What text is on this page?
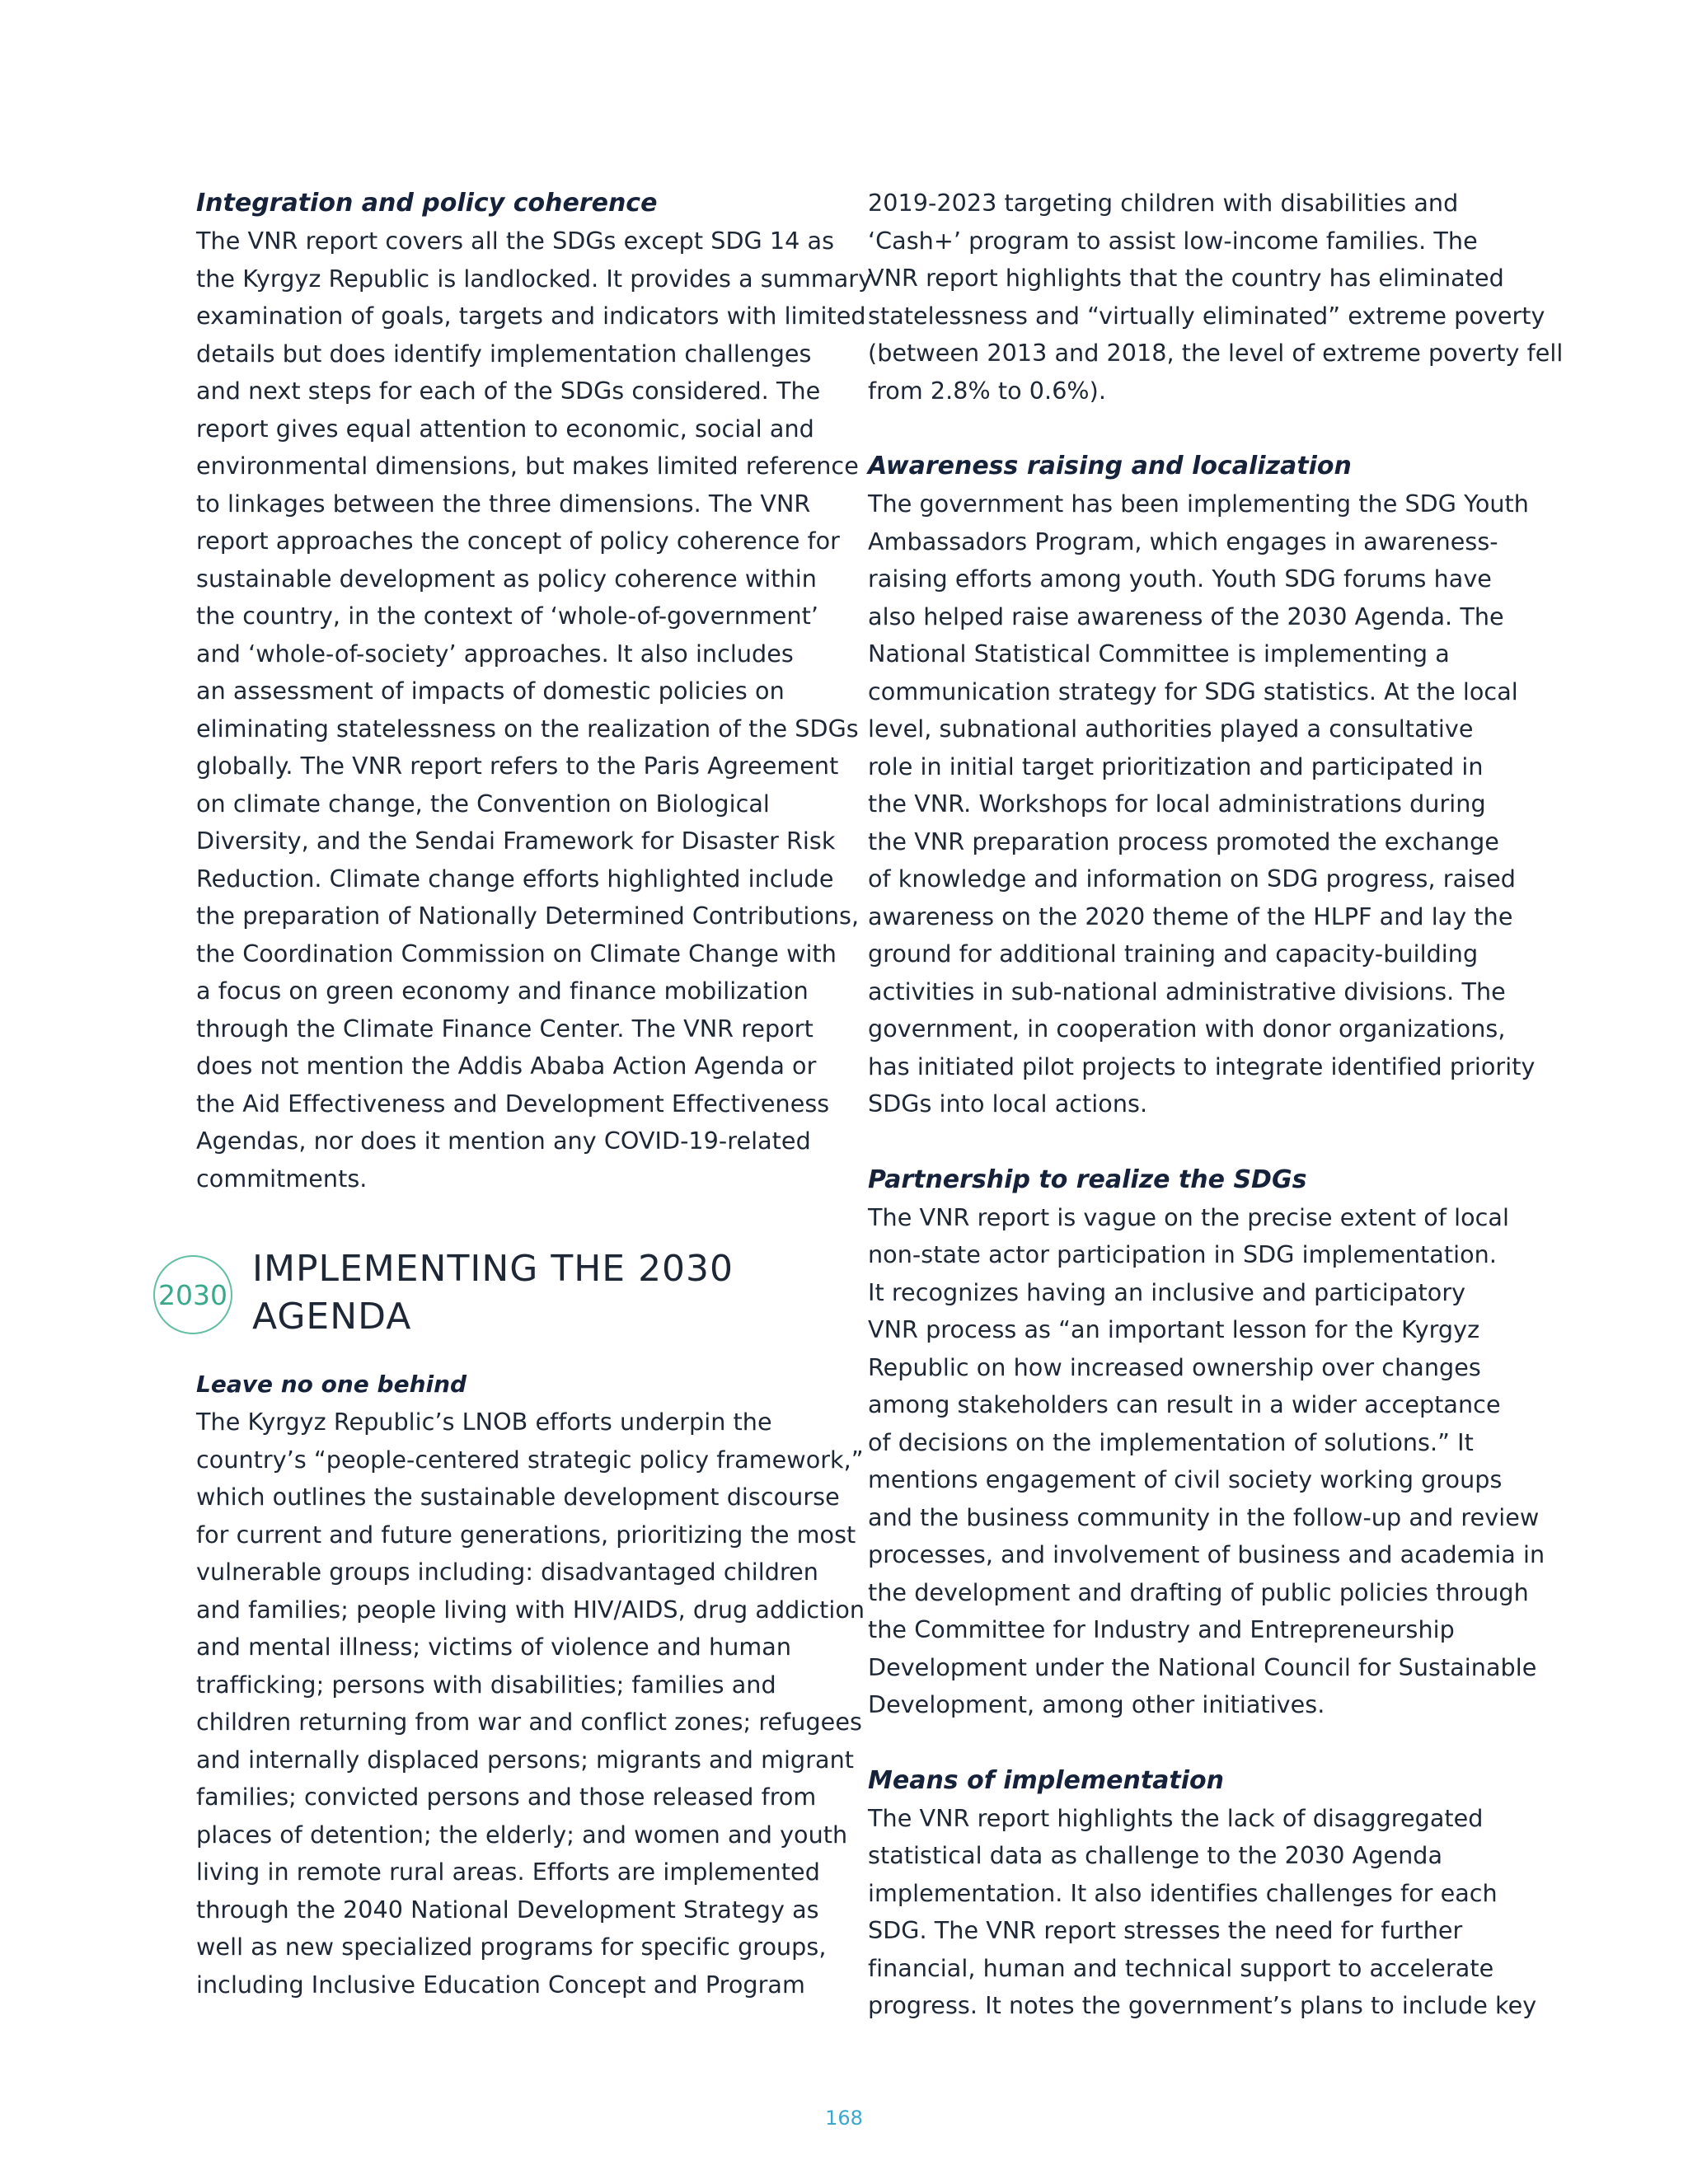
Integration and policy coherence

The VNR report covers all the SDGs except SDG 14 as
the Kyrgyz Republic is landlocked. It provides a summary
examination of goals, targets and indicators with limited
details but does identify implementation challenges
and next steps for each of the SDGs considered. The
report gives equal attention to economic, social and
environmental dimensions, but makes limited reference
to linkages between the three dimensions. The VNR
report approaches the concept of policy coherence for
sustainable development as policy coherence within
the country, in the context of ‘whole-of-government’
and ‘whole-of-society’ approaches. It also includes
an assessment of impacts of domestic policies on
eliminating statelessness on the realization of the SDGs
globally. The VNR report refers to the Paris Agreement
on climate change, the Convention on Biological
Diversity, and the Sendai Framework for Disaster Risk
Reduction. Climate change efforts highlighted include
the preparation of Nationally Determined Contributions,
the Coordination Commission on Climate Change with
a focus on green economy and finance mobilization
through the Climate Finance Center. The VNR report
does not mention the Addis Ababa Action Agenda or
the Aid Effectiveness and Development Effectiveness
Agendas, nor does it mention any COVID-19-related
commitments.

2030
IMPLEMENTING THE 2030
AGENDA
Leave no one behind

The Kyrgyz Republic’s LNOB efforts underpin the
country’s “people-centered strategic policy framework,”
which outlines the sustainable development discourse
for current and future generations, prioritizing the most
vulnerable groups including: disadvantaged children
and families; people living with HIV/AIDS, drug addiction
and mental illness; victims of violence and human
trafficking; persons with disabilities; families and
children returning from war and conflict zones; refugees
and internally displaced persons; migrants and migrant
families; convicted persons and those released from
places of detention; the elderly; and women and youth
living in remote rural areas. Efforts are implemented
through the 2040 National Development Strategy as
well as new specialized programs for specific groups,
including Inclusive Education Concept and Program

2019-2023 targeting children with disabilities and
‘Cash+’ program to assist low-income families. The
VNR report highlights that the country has eliminated
statelessness and “virtually eliminated” extreme poverty
(between 2013 and 2018, the level of extreme poverty fell
from 2.8% to 0.6%).

Awareness raising and localization

The government has been implementing the SDG Youth
Ambassadors Program, which engages in awareness-
raising efforts among youth. Youth SDG forums have
also helped raise awareness of the 2030 Agenda. The
National Statistical Committee is implementing a
communication strategy for SDG statistics. At the local
level, subnational authorities played a consultative
role in initial target prioritization and participated in
the VNR. Workshops for local administrations during
the VNR preparation process promoted the exchange
of knowledge and information on SDG progress, raised
awareness on the 2020 theme of the HLPF and lay the
ground for additional training and capacity-building
activities in sub-national administrative divisions. The
government, in cooperation with donor organizations,
has initiated pilot projects to integrate identified priority
SDGs into local actions.

Partnership to realize the SDGs

The VNR report is vague on the precise extent of local
non-state actor participation in SDG implementation.
It recognizes having an inclusive and participatory
VNR process as “an important lesson for the Kyrgyz
Republic on how increased ownership over changes
among stakeholders can result in a wider acceptance
of decisions on the implementation of solutions.” It
mentions engagement of civil society working groups
and the business community in the follow-up and review
processes, and involvement of business and academia in
the development and drafting of public policies through
the Committee for Industry and Entrepreneurship
Development under the National Council for Sustainable
Development, among other initiatives.

Means of implementation

The VNR report highlights the lack of disaggregated
statistical data as challenge to the 2030 Agenda
implementation. It also identifies challenges for each
SDG. The VNR report stresses the need for further
financial, human and technical support to accelerate
progress. It notes the government’s plans to include key

168
